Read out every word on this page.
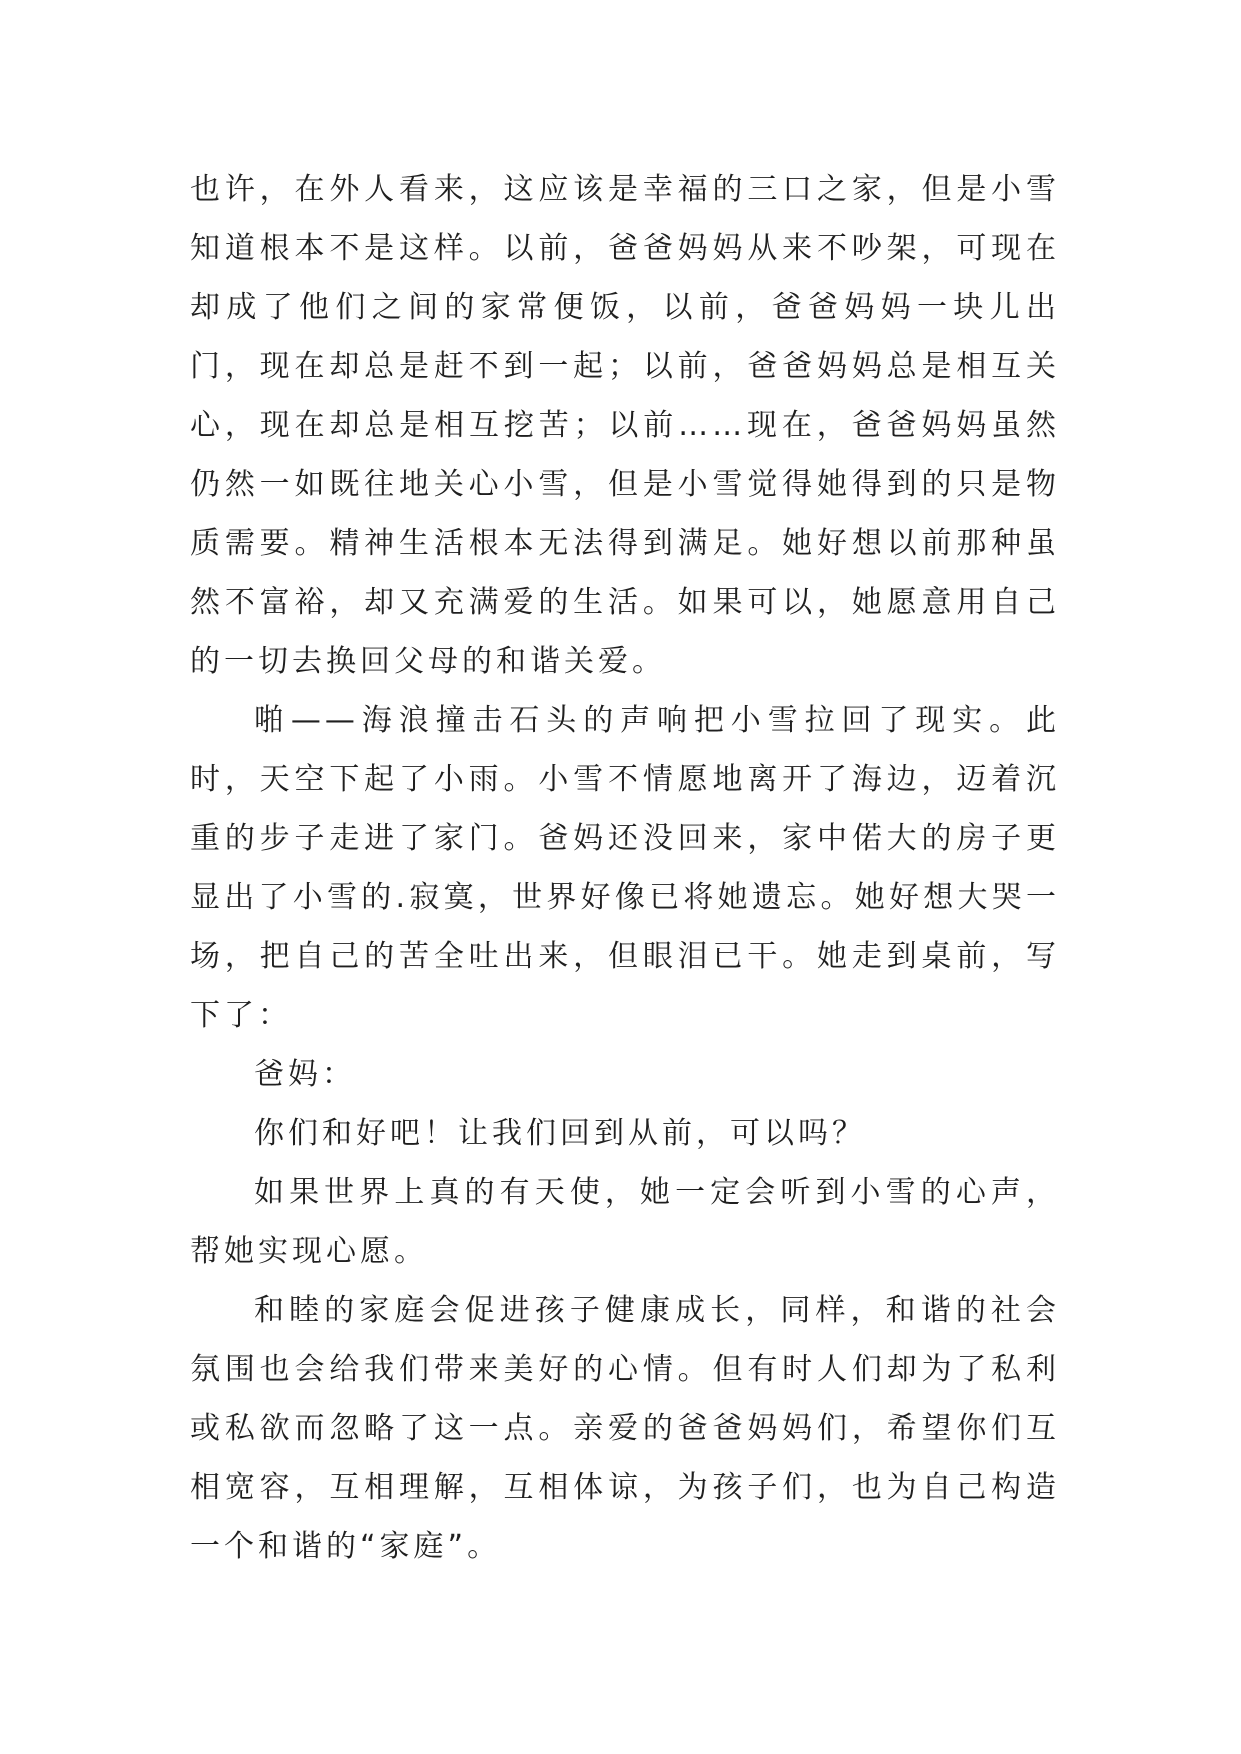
也许，在外人看来，这应该是幸福的三口之家，但是小雪知道根本不是这样。以前，爸爸妈妈从来不吵架，可现在却成了他们之间的家常便饭，以前，爸爸妈妈一块儿出门，现在却总是赶不到一起；以前，爸爸妈妈总是相互关心，现在却总是相互挖苦；以前……现在，爸爸妈妈虽然仍然一如既往地关心小雪，但是小雪觉得她得到的只是物质需要。精神生活根本无法得到满足。她好想以前那种虽然不富裕，却又充满爱的生活。如果可以，她愿意用自己的一切去换回父母的和谐关爱。

啪——海浪撞击石头的声响把小雪拉回了现实。此时，天空下起了小雨。小雪不情愿地离开了海边，迈着沉重的步子走进了家门。爸妈还没回来，家中偌大的房子更显出了小雪的.寂寞，世界好像已将她遗忘。她好想大哭一场，把自己的苦全吐出来，但眼泪已干。她走到桌前，写下了：

爸妈：

你们和好吧！让我们回到从前，可以吗？

如果世界上真的有天使，她一定会听到小雪的心声，帮她实现心愿。

和睦的家庭会促进孩子健康成长，同样，和谐的社会氛围也会给我们带来美好的心情。但有时人们却为了私利或私欲而忽略了这一点。亲爱的爸爸妈妈们，希望你们互相宽容，互相理解，互相体谅，为孩子们，也为自己构造一个和谐的“家庭”。
